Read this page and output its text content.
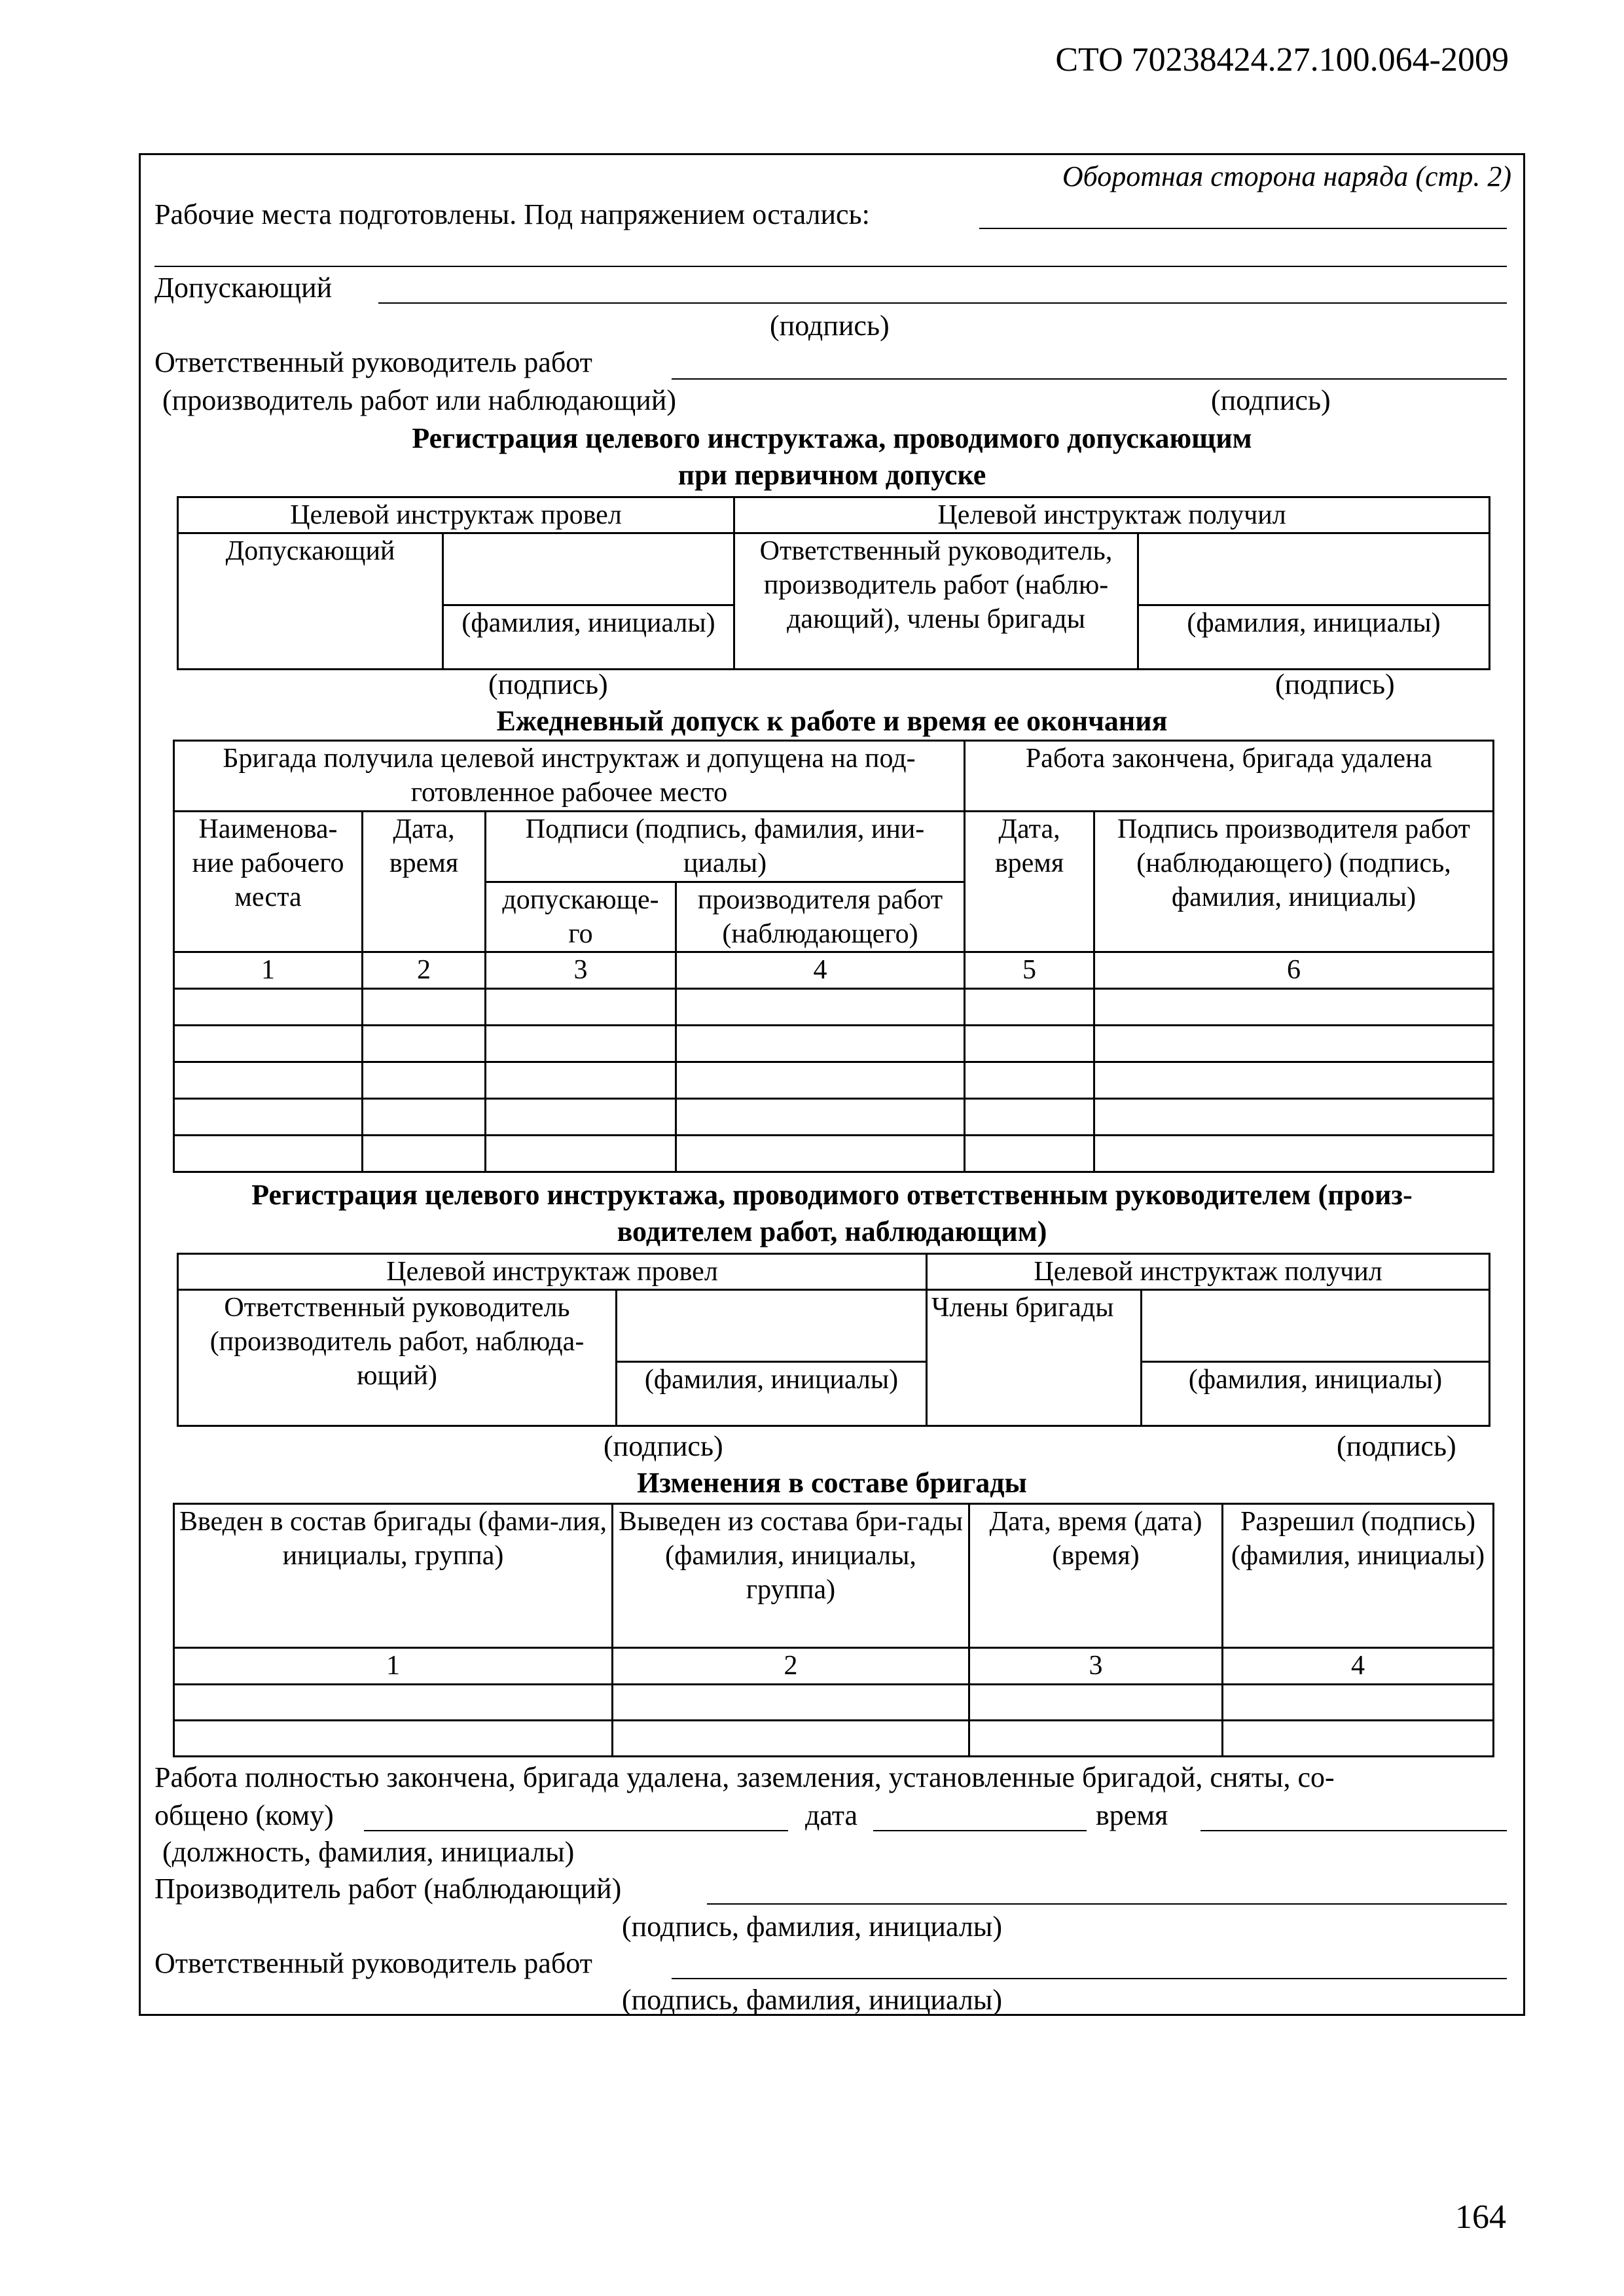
СТО 70238424.27.100.064-2009
Оборотная сторона наряда (стр. 2)
Рабочие места подготовлены. Под напряжением остались:
Допускающий
(подпись)
Ответственный руководитель работ
(производитель работ или наблюдающий)	(подпись)
Регистрация целевого инструктажа, проводимого допускающим
при первичном допуске
Целевой инструктаж провел		Целевой инструктаж получил	
Допускающий		Ответственный руководитель, производитель работ (наблю-дающий), члены бригады	
	(фамилия, инициалы)		(фамилия, инициалы)
(подпись)	(подпись)
Ежедневный допуск к работе и время ее окончания
Бригада получила целевой инструктаж и допущена на под-готовленное рабочее место				Работа закончена, бригада удалена	
Наименова-ние рабочего места	Дата, время	Подписи (подпись, фамилия, ини-циалы)		Дата, время	Подпись производителя работ (наблюдающего) (подпись, фамилия, инициалы)
		допускающе-го	производителя работ (наблюдающего)		
1	2	3	4	5	6

Регистрация целевого инструктажа, проводимого ответственным руководителем (произ-
водителем работ, наблюдающим)
Целевой инструктаж провел		Целевой инструктаж получил	
Ответственный руководитель (производитель работ, наблюда-ющий)		Члены бригады	
	(фамилия, инициалы)		(фамилия, инициалы)
(подпись)	(подпись)
Изменения в составе бригады
Введен в состав бригады (фами-лия, инициалы, группа)	Выведен из состава бри-гады (фамилия, инициалы, группа)	Дата, время (дата) (время)	Разрешил (подпись) (фамилия, инициалы)
1	2	3	4

Работа полностью закончена, бригада удалена, заземления, установленные бригадой, сняты, со-
общено (кому)	дата	время
(должность, фамилия, инициалы)
Производитель работ (наблюдающий)
(подпись, фамилия, инициалы)
Ответственный руководитель работ
(подпись, фамилия, инициалы)
164
